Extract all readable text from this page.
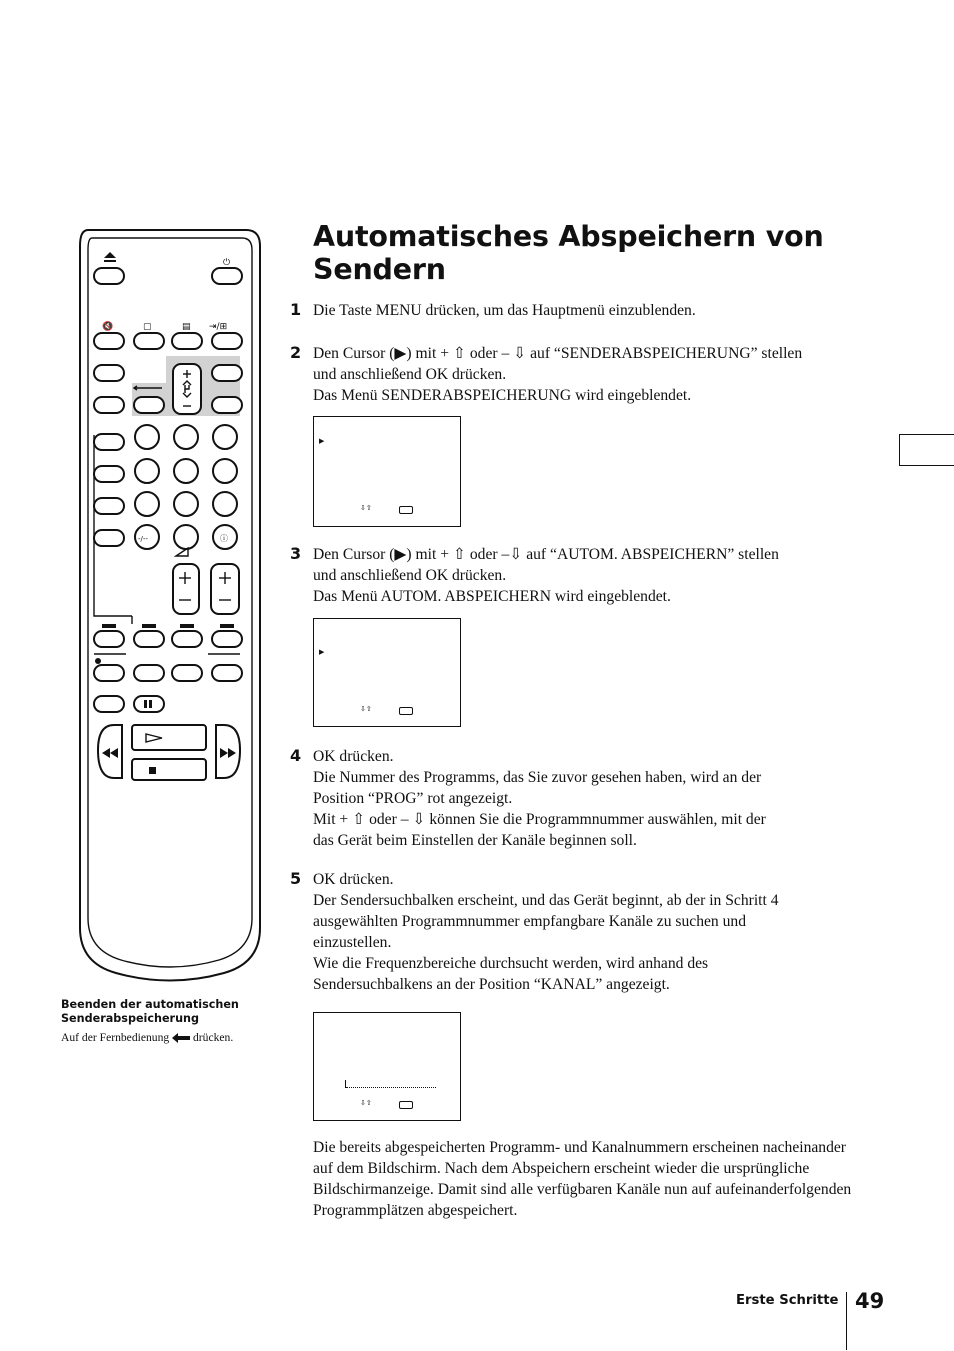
⏻
🔇	▢	▤ ⇥/⊞
-/--	ⓘ
Automatisches Abspeichern von Sendern
1 Die Taste MENU drücken, um das Hauptmenü einzublenden.

2 Den Cursor (▶) mit + ⇧ oder – ⇩ auf “SENDERABSPEICHERUNG” stellen

und anschließend OK drücken.

Das Menü SENDERABSPEICHERUNG wird eingeblendet.

▶
⇩⇧
3 Den Cursor (▶) mit + ⇧ oder –⇩ auf “AUTOM. ABSPEICHERN” stellen

und anschließend OK drücken.

Das Menü AUTOM. ABSPEICHERN wird eingeblendet.

▶
⇩⇧
4 OK drücken.

Die Nummer des Programms, das Sie zuvor gesehen haben, wird an der

Position “PROG” rot angezeigt.

Mit + ⇧ oder – ⇩ können Sie die Programmnummer auswählen, mit der

das Gerät beim Einstellen der Kanäle beginnen soll.

5 OK drücken.

Der Sendersuchbalken erscheint, und das Gerät beginnt, ab der in Schritt 4

ausgewählten Programmnummer empfangbare Kanäle zu suchen und

einzustellen.

Wie die Frequenzbereiche durchsucht werden, wird anhand des

Sendersuchbalkens an der Position “KANAL” angezeigt.

⇩⇧

Die bereits abgespeicherten Programm- und Kanalnummern erscheinen nacheinander auf dem Bildschirm. Nach dem Abspeichern erscheint wieder die ursprüngliche Bildschirmanzeige. Damit sind alle verfügbaren Kanäle nun auf aufeinanderfolgenden Programmplätzen abgespeichert.

Beenden der automatischen
Senderabspeicherung

Auf der Fernbedienung drücken.

Erste Schritte 49
